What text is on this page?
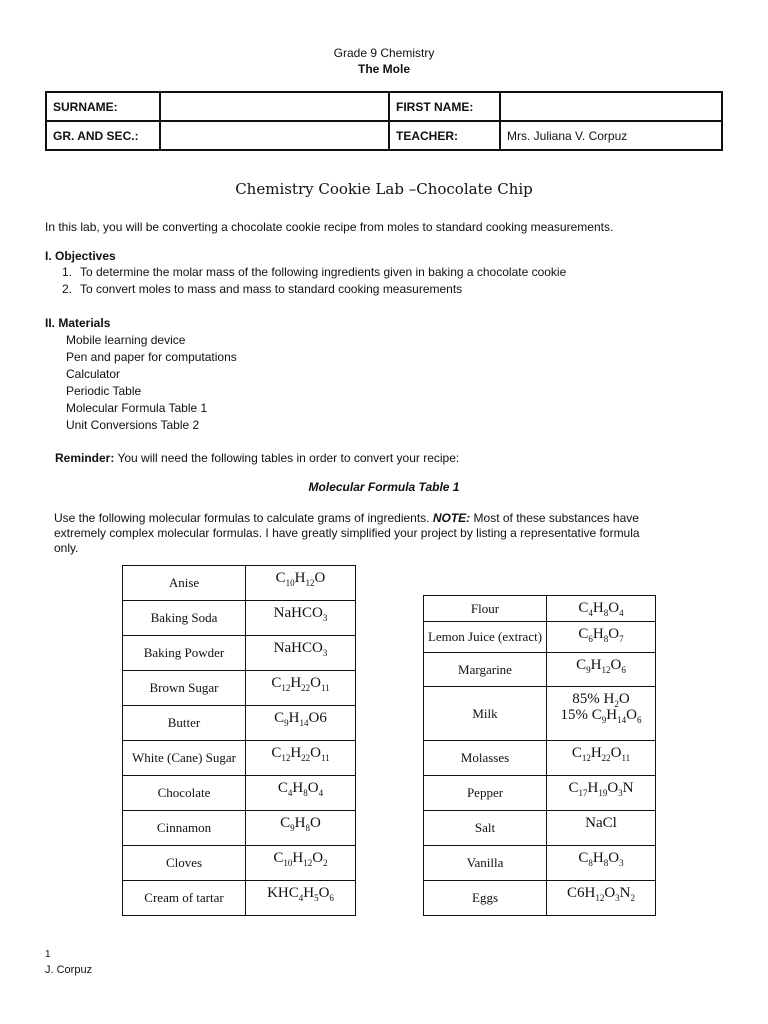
Grade 9 Chemistry
The Mole
SURNAME:		FIRST NAME:	
GR. AND SEC.:		TEACHER:	Mrs. Juliana V. Corpuz
Chemistry Cookie Lab –Chocolate Chip
In this lab, you will be converting a chocolate cookie recipe from moles to standard cooking measurements.
I. Objectives
1. To determine the molar mass of the following ingredients given in baking a chocolate cookie
2. To convert moles to mass and mass to standard cooking measurements
II. Materials
Mobile learning device
Pen and paper for computations
Calculator
Periodic Table
Molecular Formula Table 1
Unit Conversions Table 2
Reminder: You will need the following tables in order to convert your recipe:
Molecular Formula Table 1
Use the following molecular formulas to calculate grams of ingredients. NOTE: Most of these substances have extremely complex molecular formulas. I have greatly simplified your project by listing a representative formula only.
Anise	$C_{10}H_{12}O$
Baking Soda	NaHCO$_3$
Baking Powder	NaHCO$_3$
Brown Sugar	$C_{12}H_{22}O_{11}$
Butter	$C_9H_{14}O6$
White (Cane) Sugar	$C_{12}H_{22}O_{11}$
Chocolate	$C_4H_8O_4$
Cinnamon	$C_9H_8O$
Cloves	$C_{10}H_{12}O_2$
Cream of tartar	$KHC_4H_5O_6$
Flour	$C_4H_8O_4$
Lemon Juice (extract)	$C_6H_8O_7$
Margarine	$C_9H_{12}O_6$
Milk	85% $H_2O$
15% $C_9H_{14}O_6$
Molasses	$C_{12}H_{22}O_{11}$
Pepper	$C_{17}H_{19}O_3N$
Salt	NaCl
Vanilla	$C_8H_8O_3$
Eggs	$C6H_{12}O_3N_2$
1
J. Corpuz
